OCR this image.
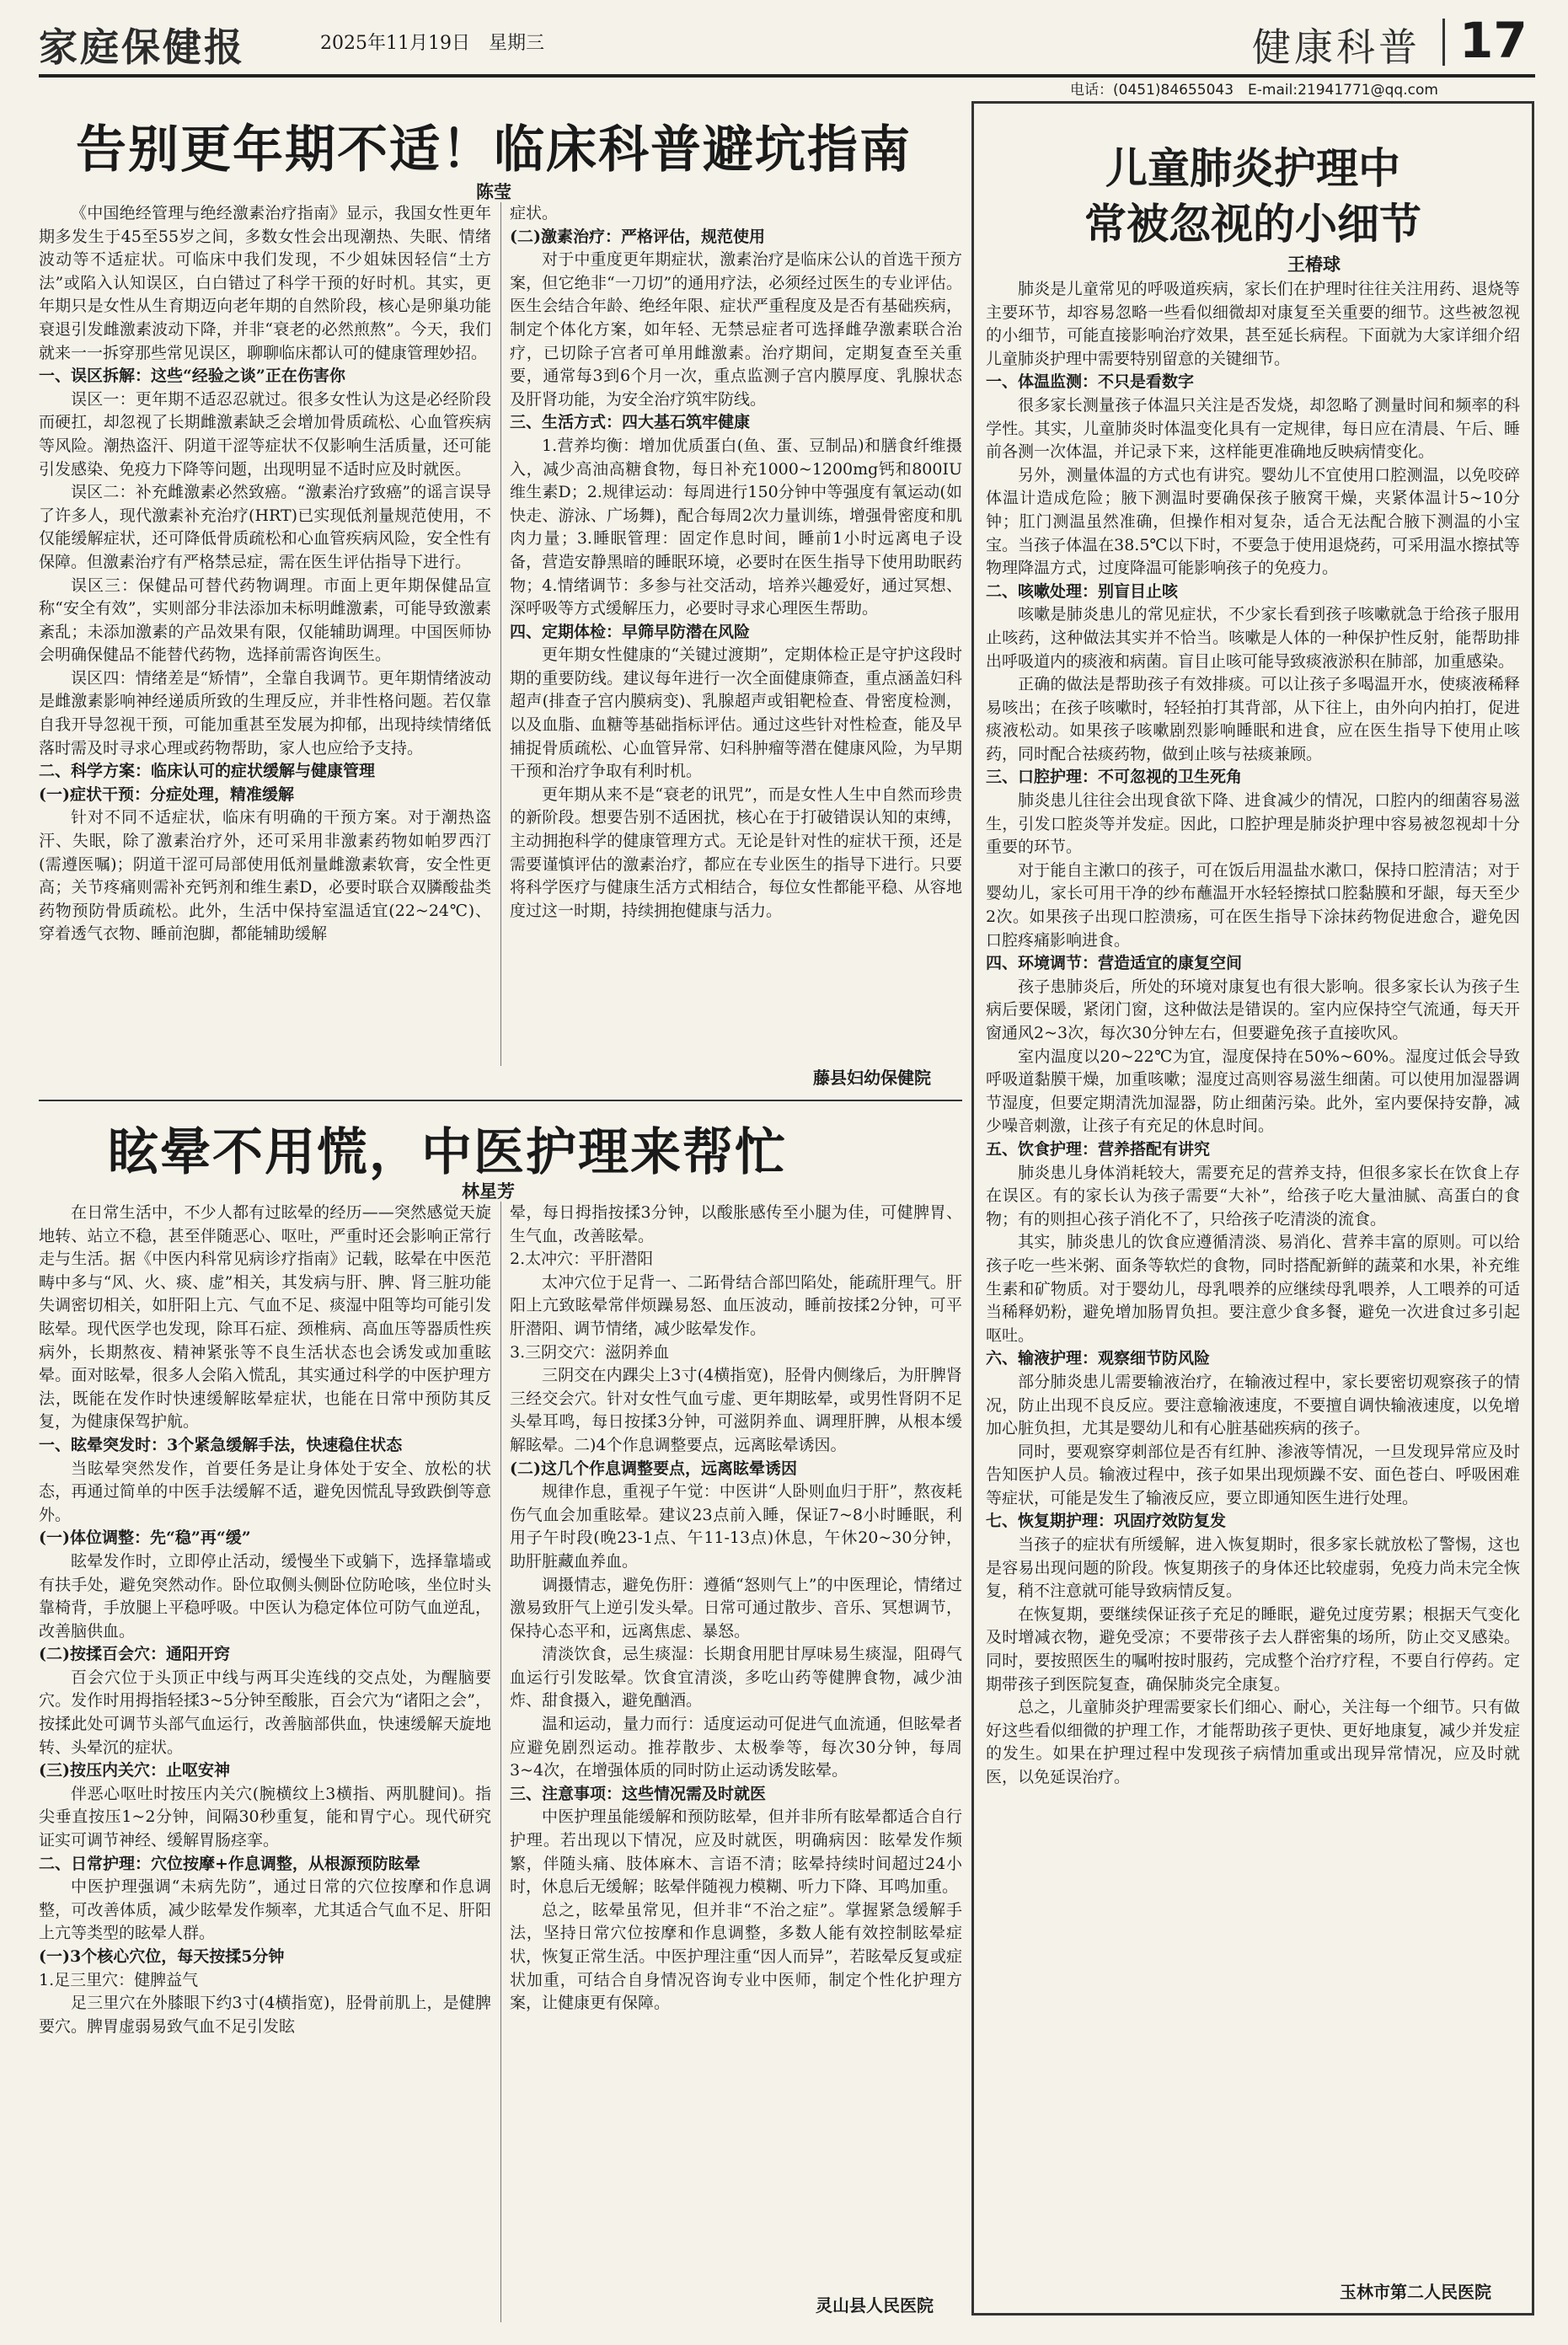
家庭保健报	2025年11月19日　星期三	健康科普 17
电话：(0451)84655043　E-mail:21941771@qq.com
告别更年期不适！临床科普避坑指南
陈莹

《中国绝经管理与绝经激素治疗指南》显示，我国女性更年期多发生于45至55岁之间，多数女性会出现潮热、失眠、情绪波动等不适症状。可临床中我们发现，不少姐妹因轻信“土方法”或陷入认知误区，白白错过了科学干预的好时机。其实，更年期只是女性从生育期迈向老年期的自然阶段，核心是卵巢功能衰退引发雌激素波动下降，并非“衰老的必然煎熬”。今天，我们就来一一拆穿那些常见误区，聊聊临床都认可的健康管理妙招。

一、误区拆解：这些“经验之谈”正在伤害你

误区一：更年期不适忍忍就过。很多女性认为这是必经阶段而硬扛，却忽视了长期雌激素缺乏会增加骨质疏松、心血管疾病等风险。潮热盗汗、阴道干涩等症状不仅影响生活质量，还可能引发感染、免疫力下降等问题，出现明显不适时应及时就医。

误区二：补充雌激素必然致癌。“激素治疗致癌”的谣言误导了许多人，现代激素补充治疗(HRT)已实现低剂量规范使用，不仅能缓解症状，还可降低骨质疏松和心血管疾病风险，安全性有保障。但激素治疗有严格禁忌症，需在医生评估指导下进行。

误区三：保健品可替代药物调理。市面上更年期保健品宣称“安全有效”，实则部分非法添加未标明雌激素，可能导致激素紊乱；未添加激素的产品效果有限，仅能辅助调理。中国医师协会明确保健品不能替代药物，选择前需咨询医生。

误区四：情绪差是“矫情”，全靠自我调节。更年期情绪波动是雌激素影响神经递质所致的生理反应，并非性格问题。若仅靠自我开导忽视干预，可能加重甚至发展为抑郁，出现持续情绪低落时需及时寻求心理或药物帮助，家人也应给予支持。

二、科学方案：临床认可的症状缓解与健康管理

(一)症状干预：分症处理，精准缓解

针对不同不适症状，临床有明确的干预方案。对于潮热盗汗、失眠，除了激素治疗外，还可采用非激素药物如帕罗西汀(需遵医嘱)；阴道干涩可局部使用低剂量雌激素软膏，安全性更高；关节疼痛则需补充钙剂和维生素D，必要时联合双膦酸盐类药物预防骨质疏松。此外，生活中保持室温适宜(22~24℃)、穿着透气衣物、睡前泡脚，都能辅助缓解

症状。

(二)激素治疗：严格评估，规范使用

对于中重度更年期症状，激素治疗是临床公认的首选干预方案，但它绝非“一刀切”的通用疗法，必须经过医生的专业评估。医生会结合年龄、绝经年限、症状严重程度及是否有基础疾病，制定个体化方案，如年轻、无禁忌症者可选择雌孕激素联合治疗，已切除子宫者可单用雌激素。治疗期间，定期复查至关重要，通常每3到6个月一次，重点监测子宫内膜厚度、乳腺状态及肝肾功能，为安全治疗筑牢防线。

三、生活方式：四大基石筑牢健康

1.营养均衡：增加优质蛋白(鱼、蛋、豆制品)和膳食纤维摄入，减少高油高糖食物，每日补充1000~1200mg钙和800IU维生素D；2.规律运动：每周进行150分钟中等强度有氧运动(如快走、游泳、广场舞)，配合每周2次力量训练，增强骨密度和肌肉力量；3.睡眠管理：固定作息时间，睡前1小时远离电子设备，营造安静黑暗的睡眠环境，必要时在医生指导下使用助眠药物；4.情绪调节：多参与社交活动，培养兴趣爱好，通过冥想、深呼吸等方式缓解压力，必要时寻求心理医生帮助。

四、定期体检：早筛早防潜在风险

更年期女性健康的“关键过渡期”，定期体检正是守护这段时期的重要防线。建议每年进行一次全面健康筛查，重点涵盖妇科超声(排查子宫内膜病变)、乳腺超声或钼靶检查、骨密度检测，以及血脂、血糖等基础指标评估。通过这些针对性检查，能及早捕捉骨质疏松、心血管异常、妇科肿瘤等潜在健康风险，为早期干预和治疗争取有利时机。

更年期从来不是“衰老的讯咒”，而是女性人生中自然而珍贵的新阶段。想要告别不适困扰，核心在于打破错误认知的束缚，主动拥抱科学的健康管理方式。无论是针对性的症状干预，还是需要谨慎评估的激素治疗，都应在专业医生的指导下进行。只要将科学医疗与健康生活方式相结合，每位女性都能平稳、从容地度过这一时期，持续拥抱健康与活力。

藤县妇幼保健院
眩晕不用慌，中医护理来帮忙
林星芳

在日常生活中，不少人都有过眩晕的经历——突然感觉天旋地转、站立不稳，甚至伴随恶心、呕吐，严重时还会影响正常行走与生活。据《中医内科常见病诊疗指南》记载，眩晕在中医范畴中多与“风、火、痰、虚”相关，其发病与肝、脾、肾三脏功能失调密切相关，如肝阳上亢、气血不足、痰湿中阻等均可能引发眩晕。现代医学也发现，除耳石症、颈椎病、高血压等器质性疾病外，长期熬夜、精神紧张等不良生活状态也会诱发或加重眩晕。面对眩晕，很多人会陷入慌乱，其实通过科学的中医护理方法，既能在发作时快速缓解眩晕症状，也能在日常中预防其反复，为健康保驾护航。

一、眩晕突发时：3个紧急缓解手法，快速稳住状态

当眩晕突然发作，首要任务是让身体处于安全、放松的状态，再通过简单的中医手法缓解不适，避免因慌乱导致跌倒等意外。

(一)体位调整：先“稳”再“缓”

眩晕发作时，立即停止活动，缓慢坐下或躺下，选择靠墙或有扶手处，避免突然动作。卧位取侧头侧卧位防呛咳，坐位时头靠椅背，手放腿上平稳呼吸。中医认为稳定体位可防气血逆乱，改善脑供血。

(二)按揉百会穴：通阳开窍

百会穴位于头顶正中线与两耳尖连线的交点处，为醒脑要穴。发作时用拇指轻揉3~5分钟至酸胀，百会穴为“诸阳之会”，按揉此处可调节头部气血运行，改善脑部供血，快速缓解天旋地转、头晕沉的症状。

(三)按压内关穴：止呕安神

伴恶心呕吐时按压内关穴(腕横纹上3横指、两肌腱间)。指尖垂直按压1~2分钟，间隔30秒重复，能和胃宁心。现代研究证实可调节神经、缓解胃肠痉挛。

二、日常护理：穴位按摩+作息调整，从根源预防眩晕

中医护理强调“未病先防”，通过日常的穴位按摩和作息调整，可改善体质，减少眩晕发作频率，尤其适合气血不足、肝阳上亢等类型的眩晕人群。

(一)3个核心穴位，每天按揉5分钟

1.足三里穴：健脾益气

足三里穴在外膝眼下约3寸(4横指宽)，胫骨前肌上，是健脾要穴。脾胃虚弱易致气血不足引发眩

晕，每日拇指按揉3分钟，以酸胀感传至小腿为佳，可健脾胃、生气血，改善眩晕。

2.太冲穴：平肝潜阳

太冲穴位于足背一、二跖骨结合部凹陷处，能疏肝理气。肝阳上亢致眩晕常伴烦躁易怒、血压波动，睡前按揉2分钟，可平肝潜阳、调节情绪，减少眩晕发作。

3.三阴交穴：滋阴养血

三阴交在内踝尖上3寸(4横指宽)，胫骨内侧缘后，为肝脾肾三经交会穴。针对女性气血亏虚、更年期眩晕，或男性肾阴不足头晕耳鸣，每日按揉3分钟，可滋阴养血、调理肝脾，从根本缓解眩晕。二)4个作息调整要点，远离眩晕诱因。

(二)这几个作息调整要点，远离眩晕诱因

规律作息，重视子午觉：中医讲“人卧则血归于肝”，熬夜耗伤气血会加重眩晕。建议23点前入睡，保证7~8小时睡眠，利用子午时段(晚23-1点、午11-13点)休息，午休20~30分钟，助肝脏藏血养血。

调摄情志，避免伤肝：遵循“怒则气上”的中医理论，情绪过激易致肝气上逆引发头晕。日常可通过散步、音乐、冥想调节，保持心态平和，远离焦虑、暴怒。

清淡饮食，忌生痰湿：长期食用肥甘厚味易生痰湿，阻碍气血运行引发眩晕。饮食宜清淡，多吃山药等健脾食物，减少油炸、甜食摄入，避免酗酒。

温和运动，量力而行：适度运动可促进气血流通，但眩晕者应避免剧烈运动。推荐散步、太极拳等，每次30分钟，每周3~4次，在增强体质的同时防止运动诱发眩晕。

三、注意事项：这些情况需及时就医

中医护理虽能缓解和预防眩晕，但并非所有眩晕都适合自行护理。若出现以下情况，应及时就医，明确病因：眩晕发作频繁，伴随头痛、肢体麻木、言语不清；眩晕持续时间超过24小时，休息后无缓解；眩晕伴随视力模糊、听力下降、耳鸣加重。

总之，眩晕虽常见，但并非“不治之症”。掌握紧急缓解手法，坚持日常穴位按摩和作息调整，多数人能有效控制眩晕症状，恢复正常生活。中医护理注重“因人而异”，若眩晕反复或症状加重，可结合自身情况咨询专业中医师，制定个性化护理方案，让健康更有保障。

灵山县人民医院
儿童肺炎护理中
常被忽视的小细节
王椿球

肺炎是儿童常见的呼吸道疾病，家长们在护理时往往关注用药、退烧等主要环节，却容易忽略一些看似细微却对康复至关重要的细节。这些被忽视的小细节，可能直接影响治疗效果，甚至延长病程。下面就为大家详细介绍儿童肺炎护理中需要特别留意的关键细节。

一、体温监测：不只是看数字

很多家长测量孩子体温只关注是否发烧，却忽略了测量时间和频率的科学性。其实，儿童肺炎时体温变化具有一定规律，每日应在清晨、午后、睡前各测一次体温，并记录下来，这样能更准确地反映病情变化。

另外，测量体温的方式也有讲究。婴幼儿不宜使用口腔测温，以免咬碎体温计造成危险；腋下测温时要确保孩子腋窝干燥，夹紧体温计5~10分钟；肛门测温虽然准确，但操作相对复杂，适合无法配合腋下测温的小宝宝。当孩子体温在38.5℃以下时，不要急于使用退烧药，可采用温水擦拭等物理降温方式，过度降温可能影响孩子的免疫力。

二、咳嗽处理：别盲目止咳

咳嗽是肺炎患儿的常见症状，不少家长看到孩子咳嗽就急于给孩子服用止咳药，这种做法其实并不恰当。咳嗽是人体的一种保护性反射，能帮助排出呼吸道内的痰液和病菌。盲目止咳可能导致痰液淤积在肺部，加重感染。

正确的做法是帮助孩子有效排痰。可以让孩子多喝温开水，使痰液稀释易咳出；在孩子咳嗽时，轻轻拍打其背部，从下往上，由外向内拍打，促进痰液松动。如果孩子咳嗽剧烈影响睡眠和进食，应在医生指导下使用止咳药，同时配合祛痰药物，做到止咳与祛痰兼顾。

三、口腔护理：不可忽视的卫生死角

肺炎患儿往往会出现食欲下降、进食减少的情况，口腔内的细菌容易滋生，引发口腔炎等并发症。因此，口腔护理是肺炎护理中容易被忽视却十分重要的环节。

对于能自主漱口的孩子，可在饭后用温盐水漱口，保持口腔清洁；对于婴幼儿，家长可用干净的纱布蘸温开水轻轻擦拭口腔黏膜和牙龈，每天至少2次。如果孩子出现口腔溃疡，可在医生指导下涂抹药物促进愈合，避免因口腔疼痛影响进食。

四、环境调节：营造适宜的康复空间

孩子患肺炎后，所处的环境对康复也有很大影响。很多家长认为孩子生病后要保暖，紧闭门窗，这种做法是错误的。室内应保持空气流通，每天开窗通风2~3次，每次30分钟左右，但要避免孩子直接吹风。

室内温度以20~22℃为宜，湿度保持在50%~60%。湿度过低会导致呼吸道黏膜干燥，加重咳嗽；湿度过高则容易滋生细菌。可以使用加湿器调节湿度，但要定期清洗加湿器，防止细菌污染。此外，室内要保持安静，减少噪音刺激，让孩子有充足的休息时间。

五、饮食护理：营养搭配有讲究

肺炎患儿身体消耗较大，需要充足的营养支持，但很多家长在饮食上存在误区。有的家长认为孩子需要“大补”，给孩子吃大量油腻、高蛋白的食物；有的则担心孩子消化不了，只给孩子吃清淡的流食。

其实，肺炎患儿的饮食应遵循清淡、易消化、营养丰富的原则。可以给孩子吃一些米粥、面条等软烂的食物，同时搭配新鲜的蔬菜和水果，补充维生素和矿物质。对于婴幼儿，母乳喂养的应继续母乳喂养，人工喂养的可适当稀释奶粉，避免增加肠胃负担。要注意少食多餐，避免一次进食过多引起呕吐。

六、输液护理：观察细节防风险

部分肺炎患儿需要输液治疗，在输液过程中，家长要密切观察孩子的情况，防止出现不良反应。要注意输液速度，不要擅自调快输液速度，以免增加心脏负担，尤其是婴幼儿和有心脏基础疾病的孩子。

同时，要观察穿刺部位是否有红肿、渗液等情况，一旦发现异常应及时告知医护人员。输液过程中，孩子如果出现烦躁不安、面色苍白、呼吸困难等症状，可能是发生了输液反应，要立即通知医生进行处理。

七、恢复期护理：巩固疗效防复发

当孩子的症状有所缓解，进入恢复期时，很多家长就放松了警惕，这也是容易出现问题的阶段。恢复期孩子的身体还比较虚弱，免疫力尚未完全恢复，稍不注意就可能导致病情反复。

在恢复期，要继续保证孩子充足的睡眠，避免过度劳累；根据天气变化及时增减衣物，避免受凉；不要带孩子去人群密集的场所，防止交叉感染。同时，要按照医生的嘱咐按时服药，完成整个治疗疗程，不要自行停药。定期带孩子到医院复查，确保肺炎完全康复。

总之，儿童肺炎护理需要家长们细心、耐心，关注每一个细节。只有做好这些看似细微的护理工作，才能帮助孩子更快、更好地康复，减少并发症的发生。如果在护理过程中发现孩子病情加重或出现异常情况，应及时就医，以免延误治疗。

玉林市第二人民医院
